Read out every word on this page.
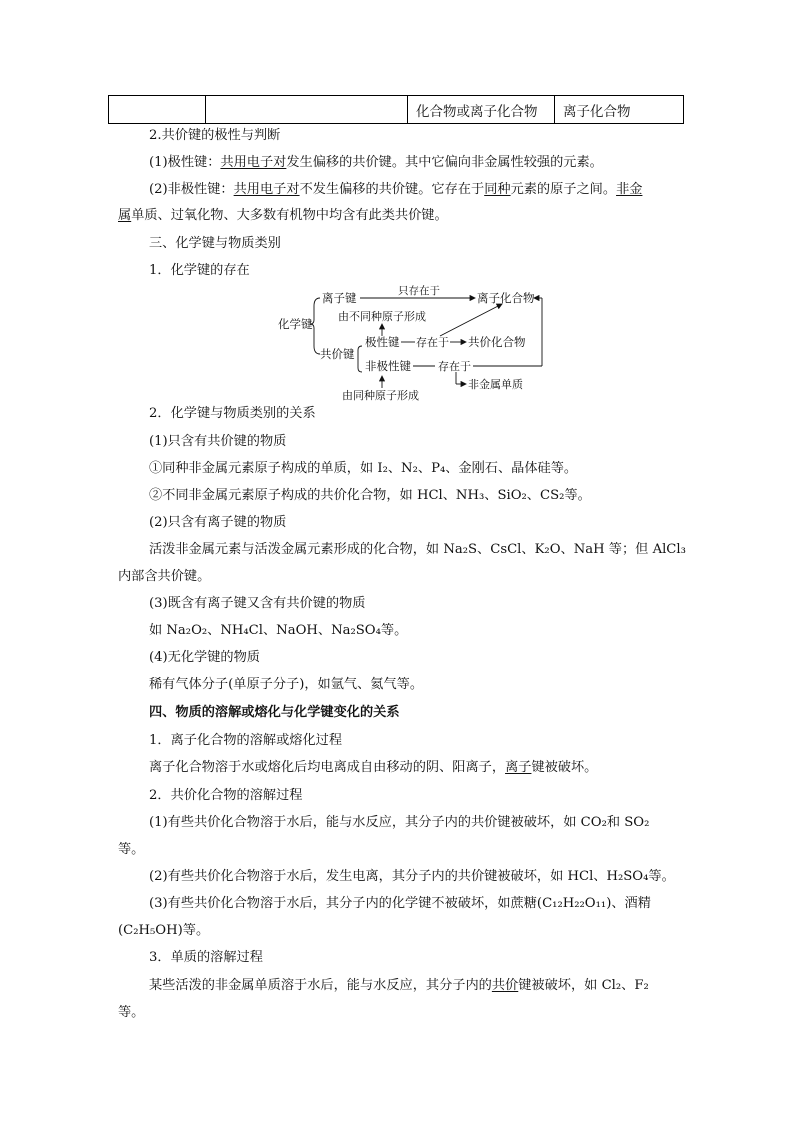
		化合物或离子化合物	离子化合物
2.共价键的极性与判断
(1)极性键：共用电子对发生偏移的共价键。其中它偏向非金属性较强的元素。
(2)非极性键：共用电子对不发生偏移的共价键。它存在于同种元素的原子之间。非金
属单质、过氧化物、大多数有机物中均含有此类共价键。
三、化学键与物质类别
1．化学键的存在
化学键
离子键	只存在于	离子化合物
由不同种原子形成
共价键
极性键 存在于 共价化合物
非极性键 存在于
非金属单质
由同种原子形成
2．化学键与物质类别的关系
(1)只含有共价键的物质
①同种非金属元素原子构成的单质，如 I₂、N₂、P₄、金刚石、晶体硅等。
②不同非金属元素原子构成的共价化合物，如 HCl、NH₃、SiO₂、CS₂等。
(2)只含有离子键的物质
活泼非金属元素与活泼金属元素形成的化合物，如 Na₂S、CsCl、K₂O、NaH 等；但 AlCl₃
内部含共价键。
(3)既含有离子键又含有共价键的物质
如 Na₂O₂、NH₄Cl、NaOH、Na₂SO₄等。
(4)无化学键的物质
稀有气体分子(单原子分子)，如氩气、氦气等。
四、物质的溶解或熔化与化学键变化的关系
1．离子化合物的溶解或熔化过程
离子化合物溶于水或熔化后均电离成自由移动的阴、阳离子，离子键被破坏。
2．共价化合物的溶解过程
(1)有些共价化合物溶于水后，能与水反应，其分子内的共价键被破坏，如 CO₂和 SO₂
等。
(2)有些共价化合物溶于水后，发生电离，其分子内的共价键被破坏，如 HCl、H₂SO₄等。
(3)有些共价化合物溶于水后，其分子内的化学键不被破坏，如蔗糖(C₁₂H₂₂O₁₁)、酒精
(C₂H₅OH)等。
3．单质的溶解过程
某些活泼的非金属单质溶于水后，能与水反应，其分子内的共价键被破坏，如 Cl₂、F₂
等。
